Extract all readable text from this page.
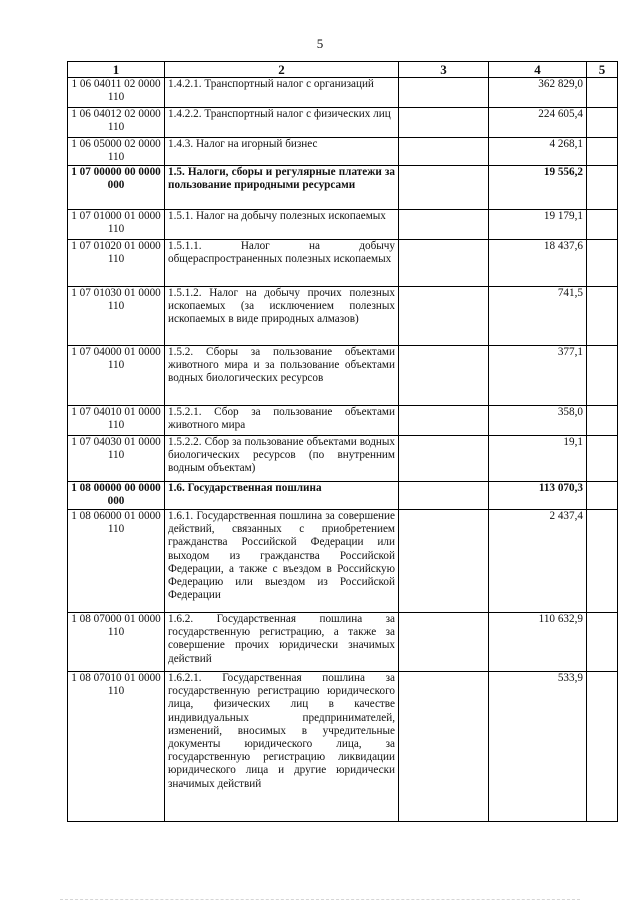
5
1	2	3	4	5
1 06 04011 02 0000 110	1.4.2.1. Транспортный налог с организаций		362 829,0	
1 06 04012 02 0000 110	1.4.2.2. Транспортный налог с физических лиц		224 605,4	
1 06 05000 02 0000 110	1.4.3. Налог на игорный бизнес		4 268,1	
1 07 00000 00 0000 000	1.5. Налоги, сборы и регулярные платежи за пользование природными ресурсами		19 556,2	
1 07 01000 01 0000 110	1.5.1. Налог на добычу полезных ископаемых		19 179,1	
1 07 01020 01 0000 110	1.5.1.1. Налог на добычу общераспространенных полезных ископаемых		18 437,6	
1 07 01030 01 0000 110	1.5.1.2. Налог на добычу прочих полезных ископаемых (за исключением полезных ископаемых в виде природных алмазов)		741,5	
1 07 04000 01 0000 110	1.5.2. Сборы за пользование объектами животного мира и за пользование объектами водных биологических ресурсов		377,1	
1 07 04010 01 0000 110	1.5.2.1. Сбор за пользование объектами животного мира		358,0	
1 07 04030 01 0000 110	1.5.2.2. Сбор за пользование объектами водных биологических ресурсов (по внутренним водным объектам)		19,1	
1 08 00000 00 0000 000	1.6. Государственная пошлина		113 070,3	
1 08 06000 01 0000 110	1.6.1. Государственная пошлина за совершение действий, связанных с приобретением гражданства Российской Федерации или выходом из гражданства Российской Федерации, а также с въездом в Российскую Федерацию или выездом из Российской Федерации		2 437,4	
1 08 07000 01 0000 110	1.6.2. Государственная пошлина за государственную регистрацию, а также за совершение прочих юридически значимых действий		110 632,9	
1 08 07010 01 0000 110	1.6.2.1. Государственная пошлина за государственную регистрацию юридического лица, физических лиц в качестве индивидуальных предпринимателей, изменений, вносимых в учредительные документы юридического лица, за государственную регистрацию ликвидации юридического лица и другие юридически значимых действий		533,9	
